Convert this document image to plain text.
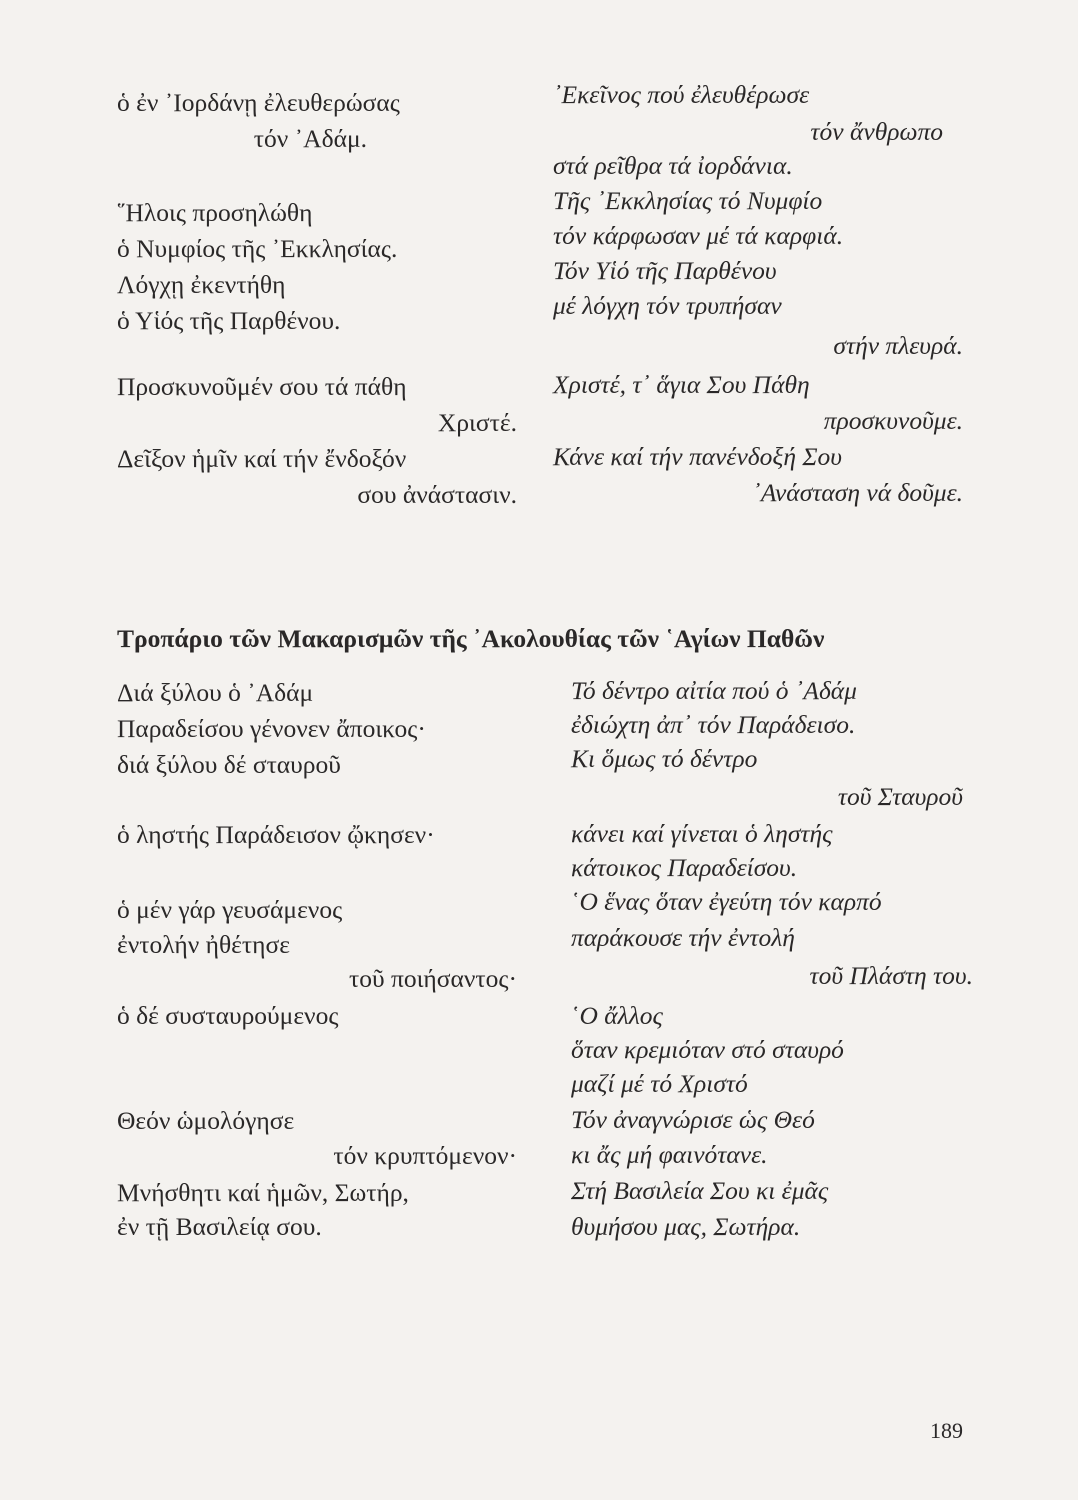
ὁ ἐν ᾿Ιορδάνῃ ἐλευθερώσας
τόν ᾿Αδάμ.
῞Ηλοις προσηλώθη
ὁ Νυμφίος τῆς ᾿Εκκλησίας.
Λόγχῃ ἐκεντήθη
ὁ Υἱός τῆς Παρθένου.
Προσκυνοῦμέν σου τά πάθη
Χριστέ.
Δεῖξον ἡμῖν καί τήν ἔνδοξόν
σου ἀνάστασιν.
᾿Εκεῖνος πού ἐλευθέρωσε
τόν ἄνθρωπο
στά ρεῖθρα τά ἰορδάνια.
Τῆς ᾿Εκκλησίας τό Νυμφίο
τόν κάρφωσαν μέ τά καρφιά.
Τόν Υἱό τῆς Παρθένου
μέ λόγχη τόν τρυπήσαν
στήν πλευρά.
Χριστέ, τ᾿ ἅγια Σου Πάθη
προσκυνοῦμε.
Κάνε καί τήν πανένδοξή Σου
᾿Ανάσταση νά δοῦμε.
Τροπάριο τῶν Μακαρισμῶν τῆς ᾿Ακολουθίας τῶν ῾Αγίων Παθῶν
Διά ξύλου ὁ ᾿Αδάμ
Παραδείσου γένονεν ἄποικος·
διά ξύλου δέ σταυροῦ
ὁ ληστής Παράδεισον ᾤκησεν·
ὁ μέν γάρ γευσάμενος
ἐντολήν ἠθέτησε
τοῦ ποιήσαντος·
ὁ δέ συσταυρούμενος
Θεόν ὡμολόγησε
τόν κρυπτόμενον·
Μνήσθητι καί ἡμῶν, Σωτήρ,
ἐν τῇ Βασιλείᾳ σου.
Τό δέντρο αἰτία πού ὁ ᾿Αδάμ
ἐδιώχτη ἀπ᾿ τόν Παράδεισο.
Κι ὅμως τό δέντρο
τοῦ Σταυροῦ
κάνει καί γίνεται ὁ ληστής
κάτοικος Παραδείσου.
῾Ο ἕνας ὅταν ἐγεύτη τόν καρπό
παράκουσε τήν ἐντολή
τοῦ Πλάστη του.
῾Ο ἄλλος
ὅταν κρεμιόταν στό σταυρό
μαζί μέ τό Χριστό
Τόν ἀναγνώρισε ὡς Θεό
κι ἄς μή φαινότανε.
Στή Βασιλεία Σου κι ἐμᾶς
θυμήσου μας, Σωτήρα.
189
